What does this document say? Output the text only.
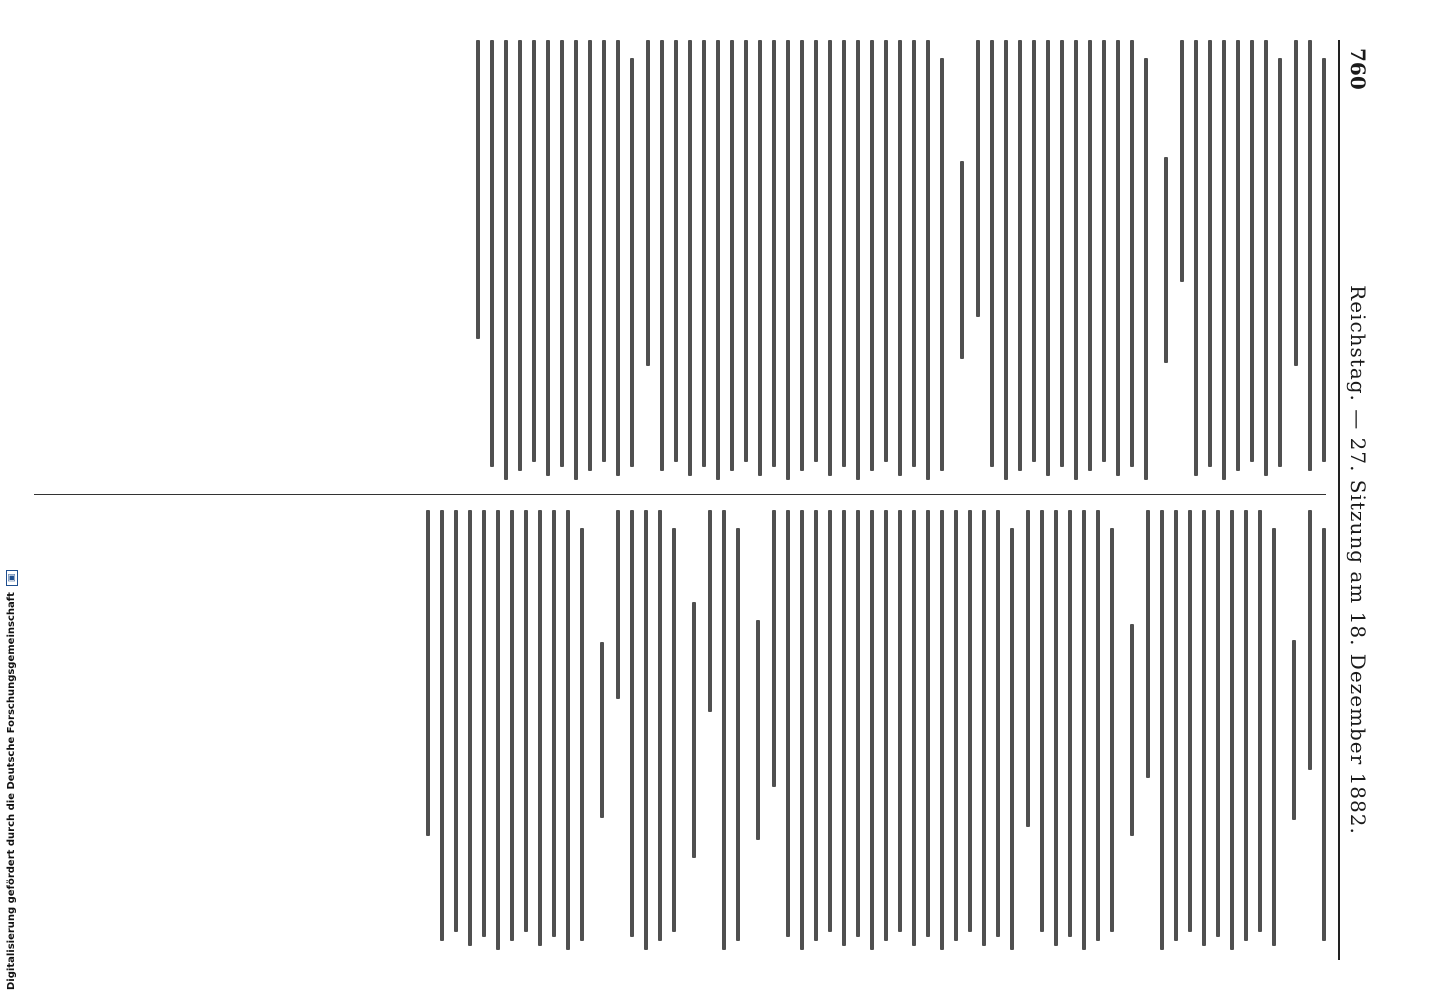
Digitalisierung gefördert durch die Deutsche Forschungsgemeinschaft▣
760
Reichstag. — 27. Sitzung am 18. Dezember 1882.
